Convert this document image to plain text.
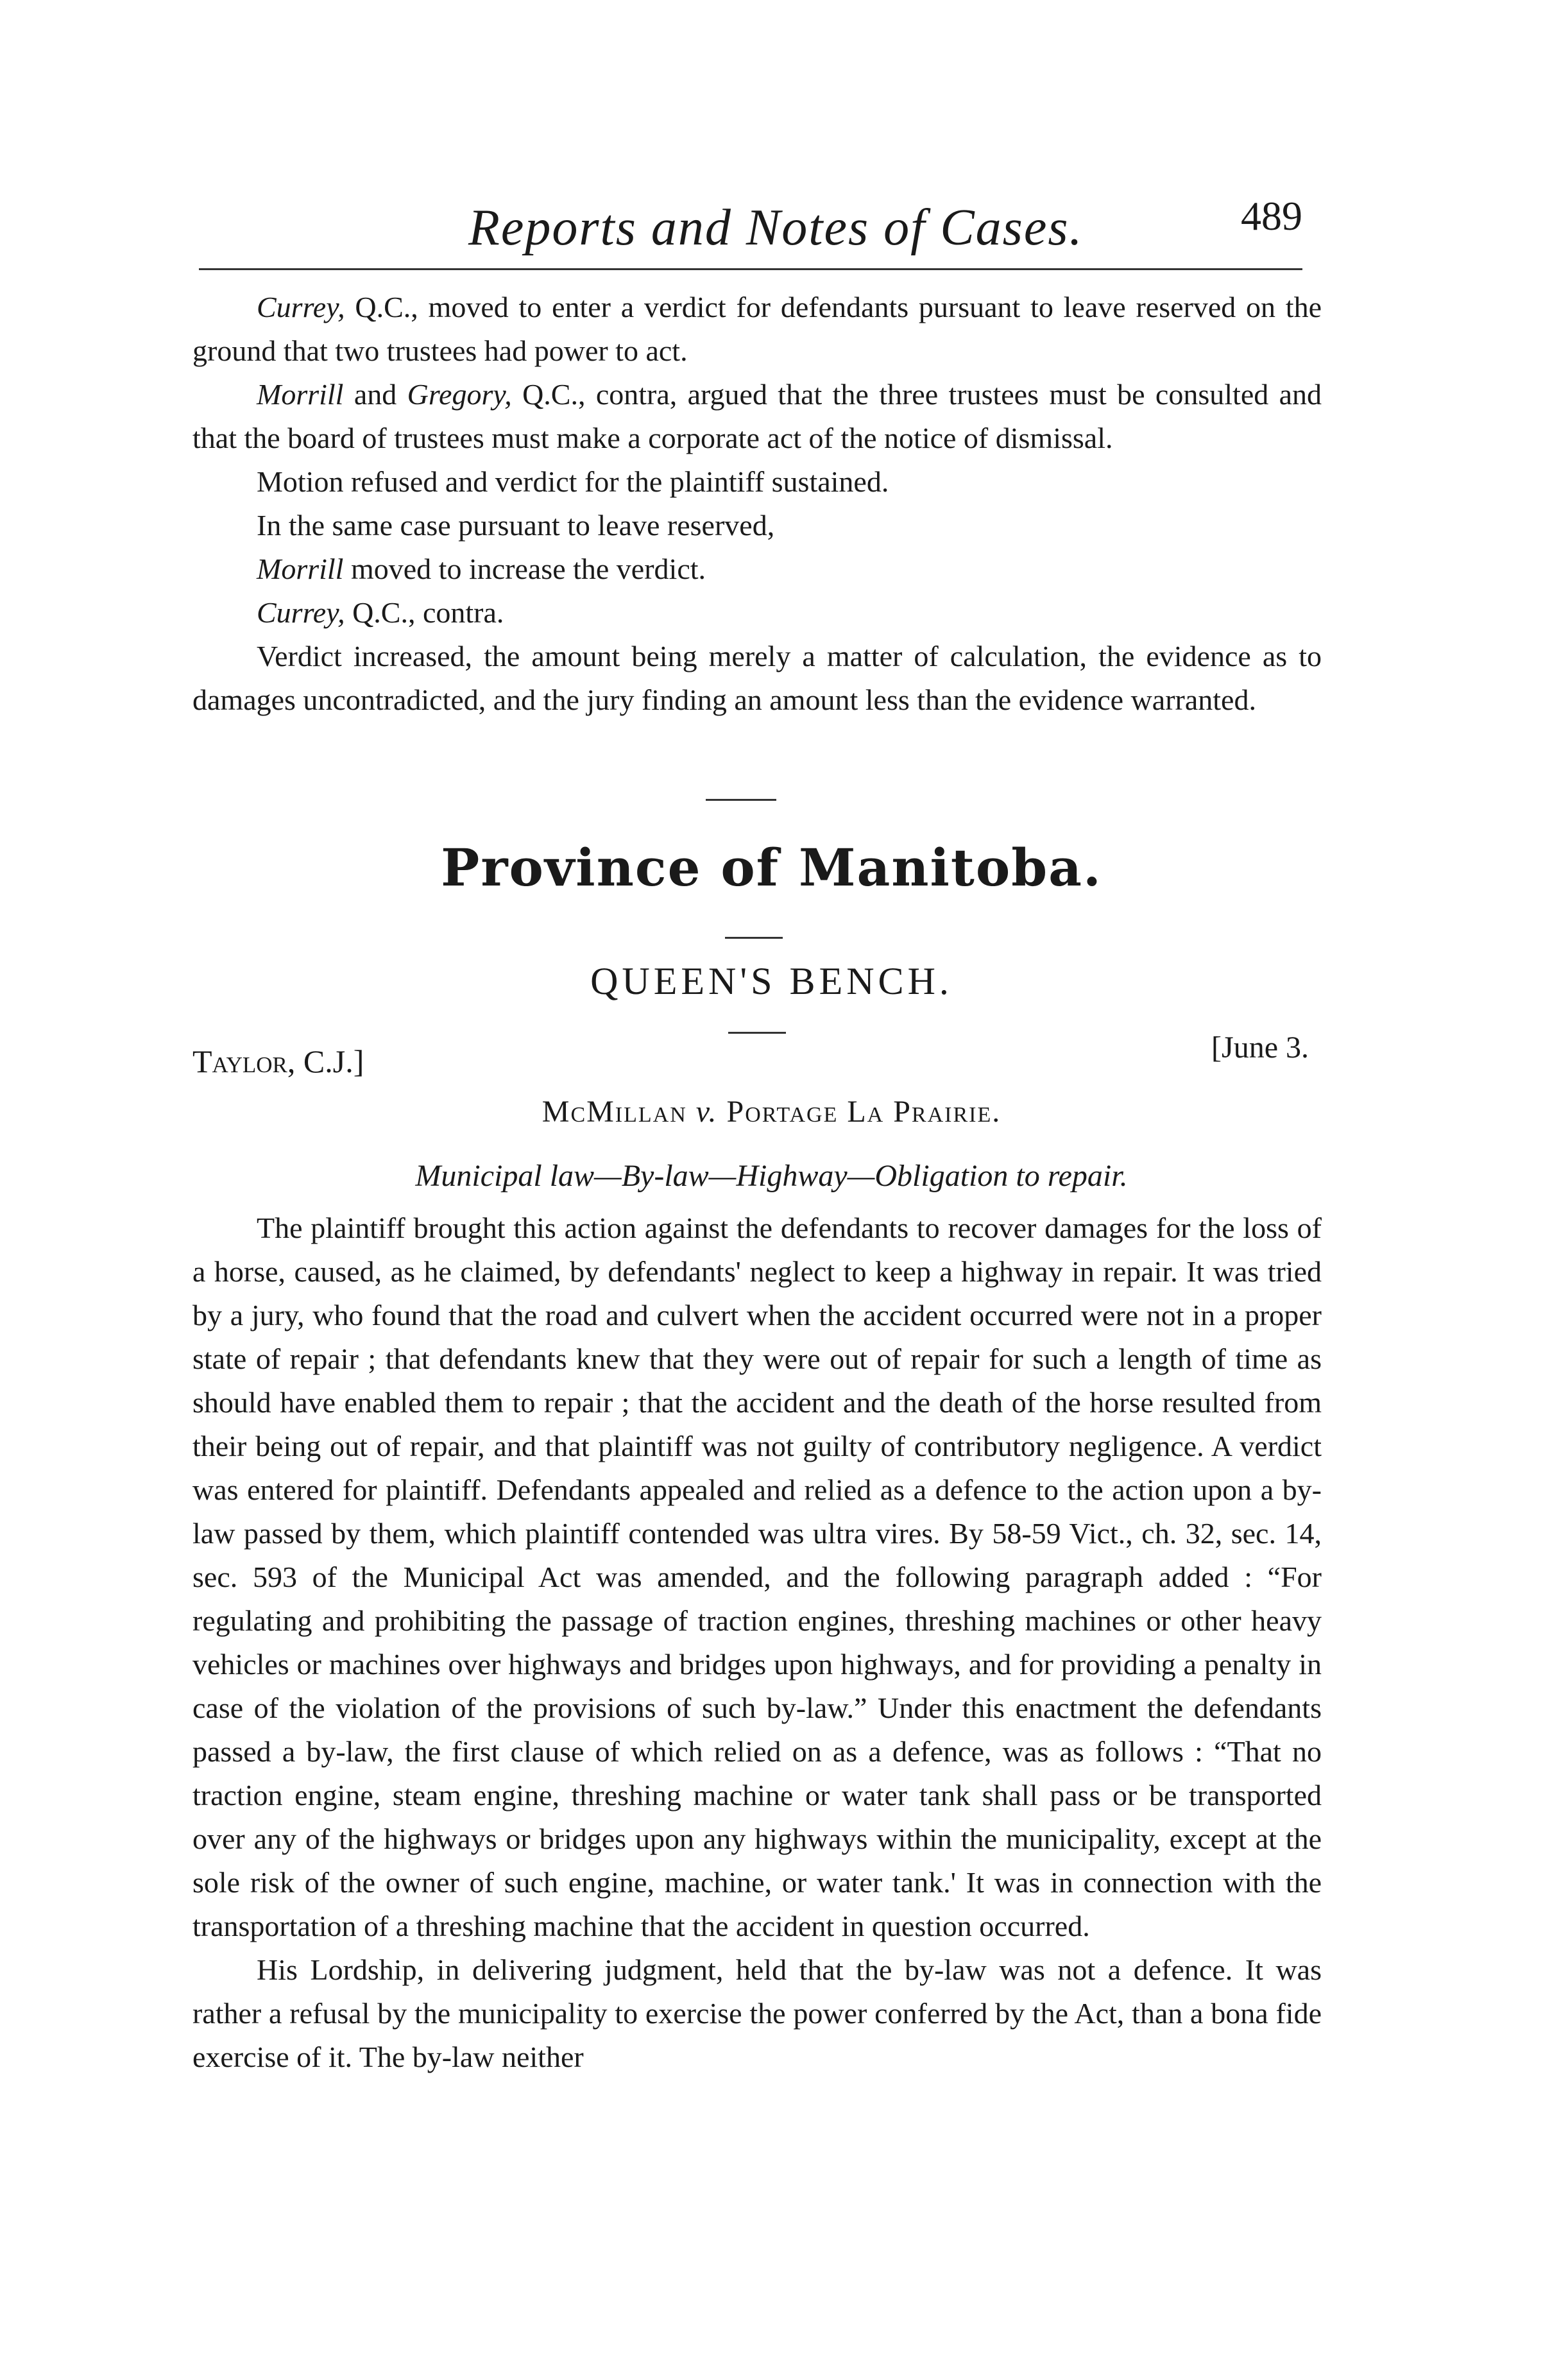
Reports and Notes of Cases.	489

Currey, Q.C., moved to enter a verdict for defendants pursuant to leave reserved on the ground that two trustees had power to act.

Morrill and Gregory, Q.C., contra, argued that the three trustees must be consulted and that the board of trustees must make a corporate act of the notice of dismissal.

Motion refused and verdict for the plaintiff sustained.

In the same case pursuant to leave reserved,

Morrill moved to increase the verdict.

Currey, Q.C., contra.

Verdict increased, the amount being merely a matter of calculation, the evidence as to damages uncontradicted, and the jury finding an amount less than the evidence warranted.

Province of Manitoba.
QUEEN'S BENCH.
Taylor, C.J.]	[June 3.
McMillan v. Portage La Prairie.
Municipal law—By-law—Highway—Obligation to repair.

The plaintiff brought this action against the defendants to recover damages for the loss of a horse, caused, as he claimed, by defendants' neglect to keep a highway in repair. It was tried by a jury, who found that the road and culvert when the accident occurred were not in a proper state of repair ; that defendants knew that they were out of repair for such a length of time as should have enabled them to repair ; that the accident and the death of the horse resulted from their being out of repair, and that plaintiff was not guilty of contributory negligence. A verdict was entered for plaintiff. Defendants appealed and relied as a defence to the action upon a by-law passed by them, which plaintiff contended was ultra vires. By 58-59 Vict., ch. 32, sec. 14, sec. 593 of the Municipal Act was amended, and the following paragraph added : “For regulating and prohibiting the passage of traction engines, threshing machines or other heavy vehicles or machines over highways and bridges upon highways, and for providing a penalty in case of the violation of the provisions of such by-law.” Under this enactment the defendants passed a by-law, the first clause of which relied on as a defence, was as follows : “That no traction engine, steam engine, threshing machine or water tank shall pass or be transported over any of the highways or bridges upon any highways within the municipality, except at the sole risk of the owner of such engine, machine, or water tank.' It was in connection with the transportation of a threshing machine that the accident in question occurred.

His Lordship, in delivering judgment, held that the by-law was not a defence. It was rather a refusal by the municipality to exercise the power conferred by the Act, than a bona fide exercise of it. The by-law neither
